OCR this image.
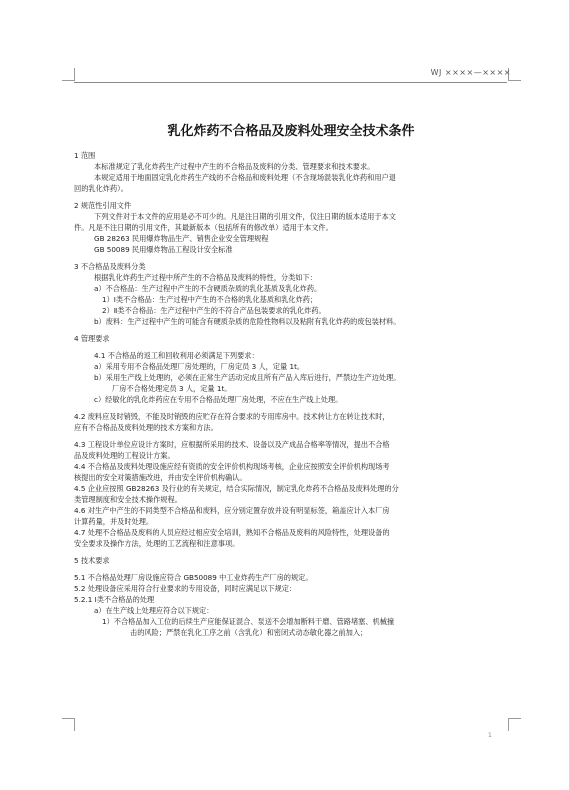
WJ ××××—××××
乳化炸药不合格品及废料处理安全技术条件
1 范围
本标准规定了乳化炸药生产过程中产生的不合格品及废料的分类、管理要求和技术要求。
本规定适用于地面固定乳化炸药生产线的不合格品和废料处理（不含现场混装乳化炸药和用户退
回的乳化炸药）。
2 规范性引用文件
下列文件对于本文件的应用是必不可少的。凡是注日期的引用文件，仅注日期的版本适用于本文
件。凡是不注日期的引用文件，其最新版本（包括所有的修改单）适用于本文件。
GB 28263 民用爆炸物品生产、销售企业安全管理规程
GB 50089 民用爆炸物品工程设计安全标准
3 不合格品及废料分类
根据乳化炸药生产过程中所产生的不合格品及废料的特性，分类如下：
a）不合格品：生产过程中产生的不含硬质杂质的乳化基质及乳化炸药。
1）Ⅰ类不合格品：生产过程中产生的不合格的乳化基质和乳化炸药；
2）Ⅱ类不合格品：生产过程中产生的不符合产品包装要求的乳化炸药。
b）废料：生产过程中产生的可能含有硬质杂质的危险性物料以及粘附有乳化炸药的废包装材料。
4 管理要求
4.1 不合格品的返工和回收利用必须满足下列要求：
a）采用专用不合格品处理厂房处理的，厂房定员 3 人，定量 1t。
b）采用生产线上处理的，必须在正常生产活动完成且所有产品入库后进行，严禁边生产边处理。
厂房不合格处理定员 3 人，定量 1t。
c）经敏化的乳化炸药应在专用不合格品处理厂房处理，不应在生产线上处理。
4.2 废料应及时销毁，不能及时销毁的应贮存在符合要求的专用库房中。技术转让方在转让技术时，
应有不合格品及废料处理的技术方案和方法。
4.3 工程设计单位应设计方案时，应根据所采用的技术、设备以及产成品合格率等情况，提出不合格
品及废料处理的工程设计方案。
4.4 不合格品及废料处理设施应经有资质的安全评价机构现场考核，企业应按照安全评价机构现场考
核提出的安全对策措施改进，并由安全评价机构确认。
4.5 企业应按照 GB28263 及行业的有关规定，结合实际情况，制定乳化炸药不合格品及废料处理的分
类管理制度和安全技术操作规程。
4.6 对生产中产生的不同类型不合格品和废料，应分别定置存放并设有明显标签，箱盖应计入本厂房
计算药量，并及时处理。
4.7 处理不合格品及废料的人员应经过相应安全培训，熟知不合格品及废料的风险特性，处理设备的
安全要求及操作方法，处理的工艺流程和注意事项。
5 技术要求
5.1 不合格品处理厂房设施应符合 GB50089 中工业炸药生产厂房的规定。
5.2 处理设备应采用符合行业要求的专用设备，同时应满足以下规定：
5.2.1 Ⅰ类不合格品的处理
a）在生产线上处理应符合以下规定：
1）不合格品加入工位的后续生产应能保证混合、泵送不会增加断料干磨、管路堵塞、机械撞
击的风险；严禁在乳化工序之前（含乳化）和密闭式动态敏化器之前加入；
1
